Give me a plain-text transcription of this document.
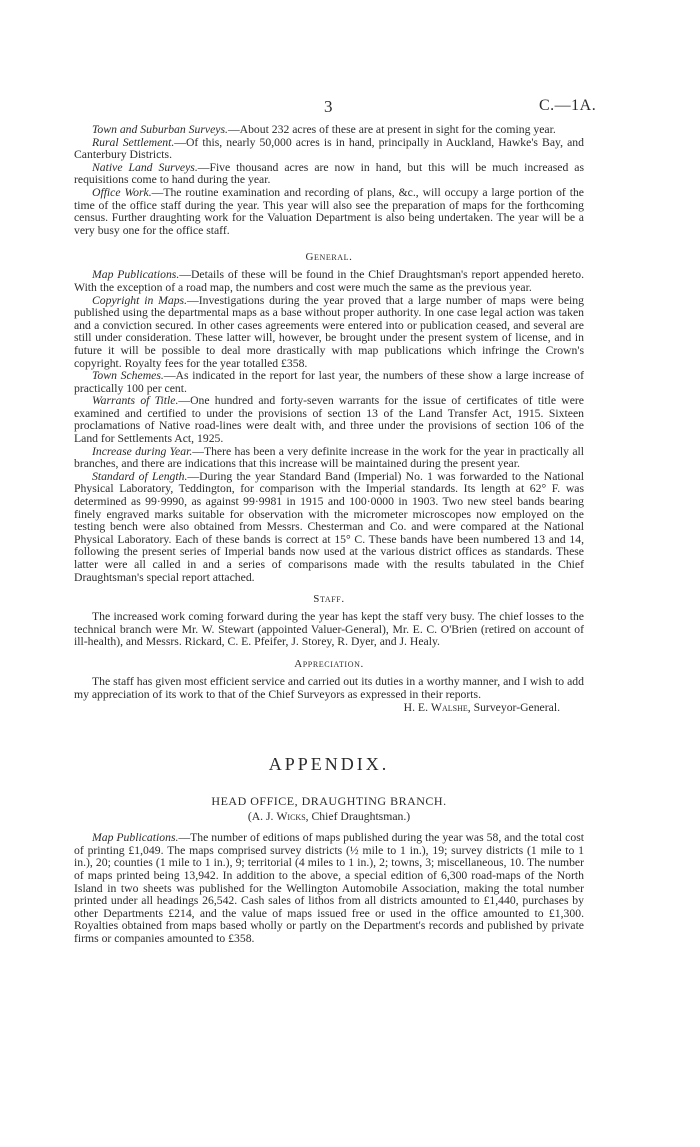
3	C.—1A.

Town and Suburban Surveys.—About 232 acres of these are at present in sight for the coming year.

Rural Settlement.—Of this, nearly 50,000 acres is in hand, principally in Auckland, Hawke's Bay, and Canterbury Districts.

Native Land Surveys.—Five thousand acres are now in hand, but this will be much increased as requisitions come to hand during the year.

Office Work.—The routine examination and recording of plans, &c., will occupy a large portion of the time of the office staff during the year. This year will also see the preparation of maps for the forthcoming census. Further draughting work for the Valuation Department is also being undertaken. The year will be a very busy one for the office staff.

General.

Map Publications.—Details of these will be found in the Chief Draughtsman's report appended hereto. With the exception of a road map, the numbers and cost were much the same as the previous year.

Copyright in Maps.—Investigations during the year proved that a large number of maps were being published using the departmental maps as a base without proper authority. In one case legal action was taken and a conviction secured. In other cases agreements were entered into or publication ceased, and several are still under consideration. These latter will, however, be brought under the present system of license, and in future it will be possible to deal more drastically with map publications which infringe the Crown's copyright. Royalty fees for the year totalled £358.

Town Schemes.—As indicated in the report for last year, the numbers of these show a large increase of practically 100 per cent.

Warrants of Title.—One hundred and forty-seven warrants for the issue of certificates of title were examined and certified to under the provisions of section 13 of the Land Transfer Act, 1915. Sixteen proclamations of Native road-lines were dealt with, and three under the provisions of section 106 of the Land for Settlements Act, 1925.

Increase during Year.—There has been a very definite increase in the work for the year in practically all branches, and there are indications that this increase will be maintained during the present year.

Standard of Length.—During the year Standard Band (Imperial) No. 1 was forwarded to the National Physical Laboratory, Teddington, for comparison with the Imperial standards. Its length at 62° F. was determined as 99·9990, as against 99·9981 in 1915 and 100·0000 in 1903. Two new steel bands bearing finely engraved marks suitable for observation with the micrometer microscopes now employed on the testing bench were also obtained from Messrs. Chesterman and Co. and were compared at the National Physical Laboratory. Each of these bands is correct at 15° C. These bands have been numbered 13 and 14, following the present series of Imperial bands now used at the various district offices as standards. These latter were all called in and a series of comparisons made with the results tabulated in the Chief Draughtsman's special report attached.

Staff.

The increased work coming forward during the year has kept the staff very busy. The chief losses to the technical branch were Mr. W. Stewart (appointed Valuer-General), Mr. E. C. O'Brien (retired on account of ill-health), and Messrs. Rickard, C. E. Pfeifer, J. Storey, R. Dyer, and J. Healy.

Appreciation.

The staff has given most efficient service and carried out its duties in a worthy manner, and I wish to add my appreciation of its work to that of the Chief Surveyors as expressed in their reports.

H. E. Walshe, Surveyor-General.
APPENDIX.
HEAD OFFICE, DRAUGHTING BRANCH.
(A. J. Wicks, Chief Draughtsman.)

Map Publications.—The number of editions of maps published during the year was 58, and the total cost of printing £1,049. The maps comprised survey districts (½ mile to 1 in.), 19; survey districts (1 mile to 1 in.), 20; counties (1 mile to 1 in.), 9; territorial (4 miles to 1 in.), 2; towns, 3; miscellaneous, 10. The number of maps printed being 13,942. In addition to the above, a special edition of 6,300 road-maps of the North Island in two sheets was published for the Wellington Automobile Association, making the total number printed under all headings 26,542. Cash sales of lithos from all districts amounted to £1,440, purchases by other Departments £214, and the value of maps issued free or used in the office amounted to £1,300. Royalties obtained from maps based wholly or partly on the Department's records and published by private firms or companies amounted to £358.
